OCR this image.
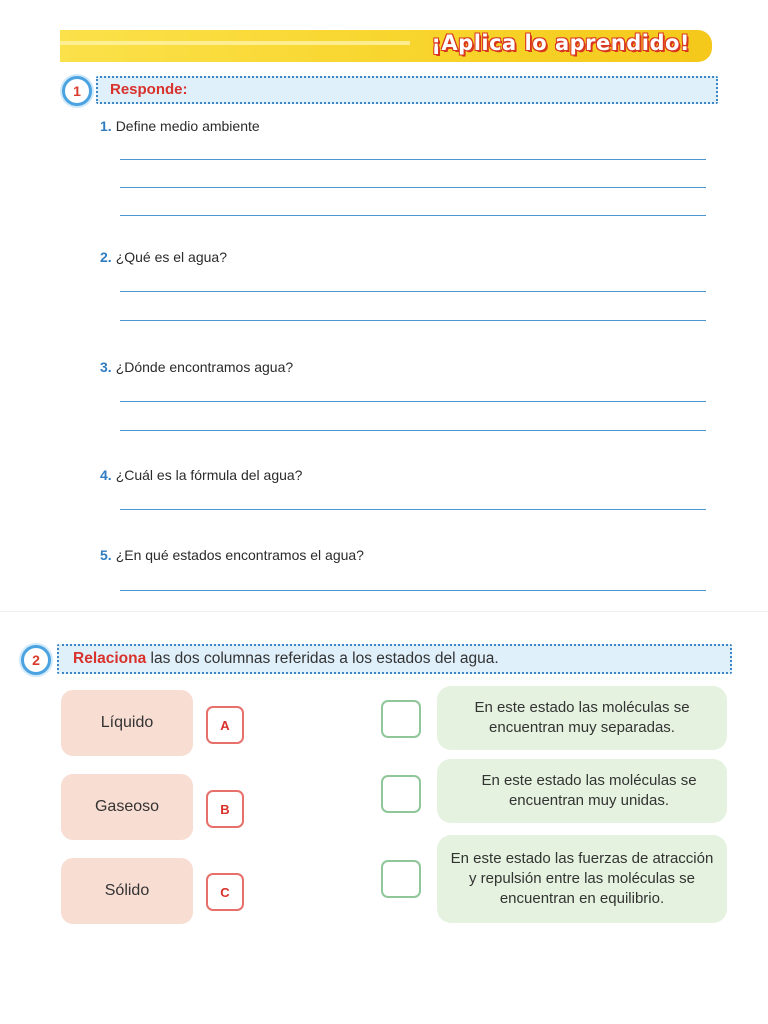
¡Aplica lo aprendido!
1	Responde:
1. Define medio ambiente
2. ¿Qué es el agua?
3. ¿Dónde encontramos agua?
4. ¿Cuál es la fórmula del agua?
5. ¿En qué estados encontramos el agua?
2	Relaciona las dos columnas referidas a los estados del agua.
Líquido	A
Gaseoso	B
Sólido	C
En este estado las moléculas se encuentran muy separadas.
En este estado las moléculas se encuentran muy unidas.
En este estado las fuerzas de atracción y repulsión entre las moléculas se encuentran en equilibrio.
